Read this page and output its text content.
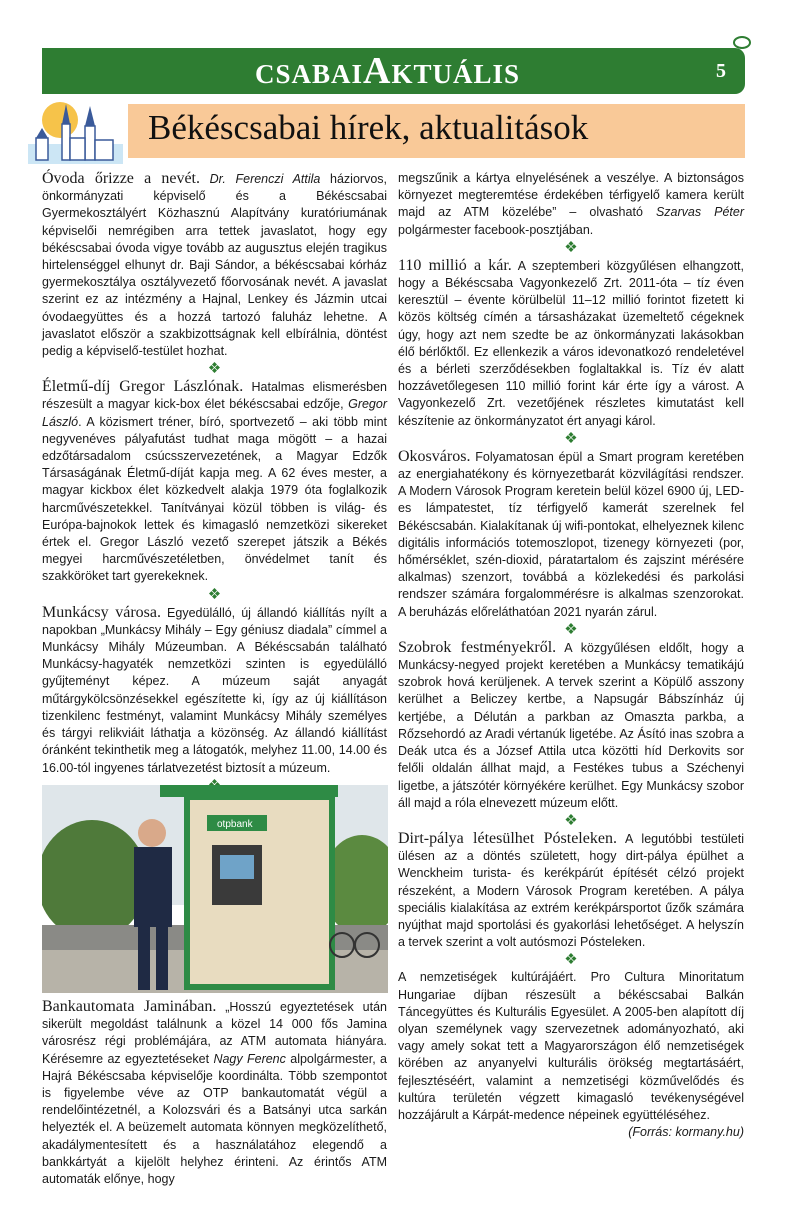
CSABAIAKTUÁLIS	5
Békéscsabai hírek, aktualitások

Óvoda őrizze a nevét. Dr. Ferenczi Attila háziorvos, önkormányzati képviselő és a Békéscsabai Gyermekosztályért Közhasznú Alapítvány kuratóriumának képviselői nemrégiben arra tettek javaslatot, hogy egy békéscsabai óvoda vigye tovább az augusztus elején tragikus hirtelenséggel elhunyt dr. Baji Sándor, a békéscsabai kórház gyermekosztálya osztályvezető főorvosának nevét. A javaslat szerint ez az intézmény a Hajnal, Lenkey és Jázmin utcai óvodaegyüttes és a hozzá tartozó faluház lehetne. A javaslatot először a szakbizottságnak kell elbírálnia, döntést pedig a képviselő-testület hozhat.

❖

Életmű-díj Gregor Lászlónak. Hatalmas elismerésben részesült a magyar kick-box élet békéscsabai edzője, Gregor László. A közismert tréner, bíró, sportvezető – aki több mint negyvenéves pályafutást tudhat maga mögött – a hazai edzőtársadalom csúcsszervezetének, a Magyar Edzők Társaságának Életmű-díját kapja meg. A 62 éves mester, a magyar kickbox élet közkedvelt alakja 1979 óta foglalkozik harcművészetekkel. Tanítványai közül többen is világ- és Európa-bajnokok lettek és kimagasló nemzetközi sikereket értek el. Gregor László vezető szerepet játszik a Békés megyei harcművészetéletben, önvédelmet tanít és szakköröket tart gyerekeknek.

❖

Munkácsy városa. Egyedülálló, új állandó kiállítás nyílt a napokban „Munkácsy Mihály – Egy géniusz diadala” címmel a Munkácsy Mihály Múzeumban. A Békéscsabán található Munkácsy-hagyaték nemzetközi szinten is egyedülálló gyűjteményt képez. A múzeum saját anyagát műtárgykölcsönzésekkel egészítette ki, így az új kiállításon tizenkilenc festményt, valamint Munkácsy Mihály személyes és tárgyi relikviáit láthatja a közönség. Az állandó kiállítást óránként tekinthetik meg a látogatók, melyhez 11.00, 14.00 és 16.00-tól ingyenes tárlatvezetést biztosít a múzeum.

otpbank

Bankautomata Jaminában. „Hosszú egyeztetések után sikerült megoldást találnunk a közel 14 000 fős Jamina városrész régi problémájára, az ATM automata hiányára. Kérésemre az egyeztetéseket Nagy Ferenc alpolgármester, a Hajrá Békéscsaba képviselője koordinálta. Több szempontot is figyelembe véve az OTP bankautomatát végül a rendelőintézetnél, a Kolozsvári és a Batsányi utca sarkán helyezték el. A beüzemelt automata könnyen megközelíthető, akadálymentesített és a használatához elegendő a bankkártyát a kijelölt helyhez érinteni. Az érintős ATM automaták előnye, hogy

megszűnik a kártya elnyelésének a veszélye. A biztonságos környezet megteremtése érdekében térfigyelő kamera került majd az ATM közelébe” – olvasható Szarvas Péter polgármester facebook-posztjában.

❖

110 millió a kár. A szeptemberi közgyűlésen elhangzott, hogy a Békéscsaba Vagyonkezelő Zrt. 2011-óta – tíz éven keresztül – évente körülbelül 11–12 millió forintot fizetett ki közös költség címén a társasházakat üzemeltető cégeknek úgy, hogy azt nem szedte be az önkormányzati lakásokban élő bérlőktől. Ez ellenkezik a város idevonatkozó rendeletével és a bérleti szerződésekben foglaltakkal is. Tíz év alatt hozzávetőlegesen 110 millió forint kár érte így a várost. A Vagyonkezelő Zrt. vezetőjének részletes kimutatást kell készítenie az önkormányzatot ért anyagi károl.

❖

Okosváros. Folyamatosan épül a Smart program keretében az energiahatékony és környezetbarát közvilágítási rendszer. A Modern Városok Program keretein belül közel 6900 új, LED-es lámpatestet, tíz térfigyelő kamerát szerelnek fel Békéscsabán. Kialakítanak új wifi-pontokat, elhelyeznek kilenc digitális információs totemoszlopot, tizenegy környezeti (por, hőmérséklet, szén-dioxid, páratartalom és zajszint mérésére alkalmas) szenzort, továbbá a közlekedési és parkolási rendszer számára forgalommérésre is alkalmas szenzorokat. A beruházás előreláthatóan 2021 nyarán zárul.

❖

Szobrok festményekről. A közgyűlésen eldőlt, hogy a Munkácsy-negyed projekt keretében a Munkácsy tematikájú szobrok hová kerüljenek. A tervek szerint a Köpülő asszony kerülhet a Beliczey kertbe, a Napsugár Bábszínház új kertjébe, a Délután a parkban az Omaszta parkba, a Rőzsehordó az Aradi vértanúk ligetébe. Az Ásító inas szobra a Deák utca és a József Attila utca közötti híd Derkovits sor felőli oldalán állhat majd, a Festékes tubus a Széchenyi ligetbe, a játszótér környékére kerülhet. Egy Munkácsy szobor áll majd a róla elnevezett múzeum előtt.

❖

Dirt-pálya létesülhet Pósteleken. A legutóbbi testületi ülésen az a döntés született, hogy dirt-pálya épülhet a Wenckheim turista- és kerékpárút építését célzó projekt részeként, a Modern Városok Program keretében. A pálya speciális kialakítása az extrém kerékpársportot űzők számára nyújthat majd sportolási és gyakorlási lehetőséget. A helyszín a tervek szerint a volt autósmozi Pósteleken.

❖

A nemzetiségek kultúrájáért. Pro Cultura Minoritatum Hungariae díjban részesült a békéscsabai Balkán Táncegyüttes és Kulturális Egyesület. A 2005-ben alapított díj olyan személynek vagy szervezetnek adományozható, aki vagy amely sokat tett a Magyarországon élő nemzetiségek körében az anyanyelvi kulturális örökség megtartásáért, fejlesztéséért, valamint a nemzetiségi közművelődés és kultúra területén végzett kimagasló tevékenységével hozzájárult a Kárpát-medence népeinek együttéléséhez.
(Forrás: kormany.hu)
